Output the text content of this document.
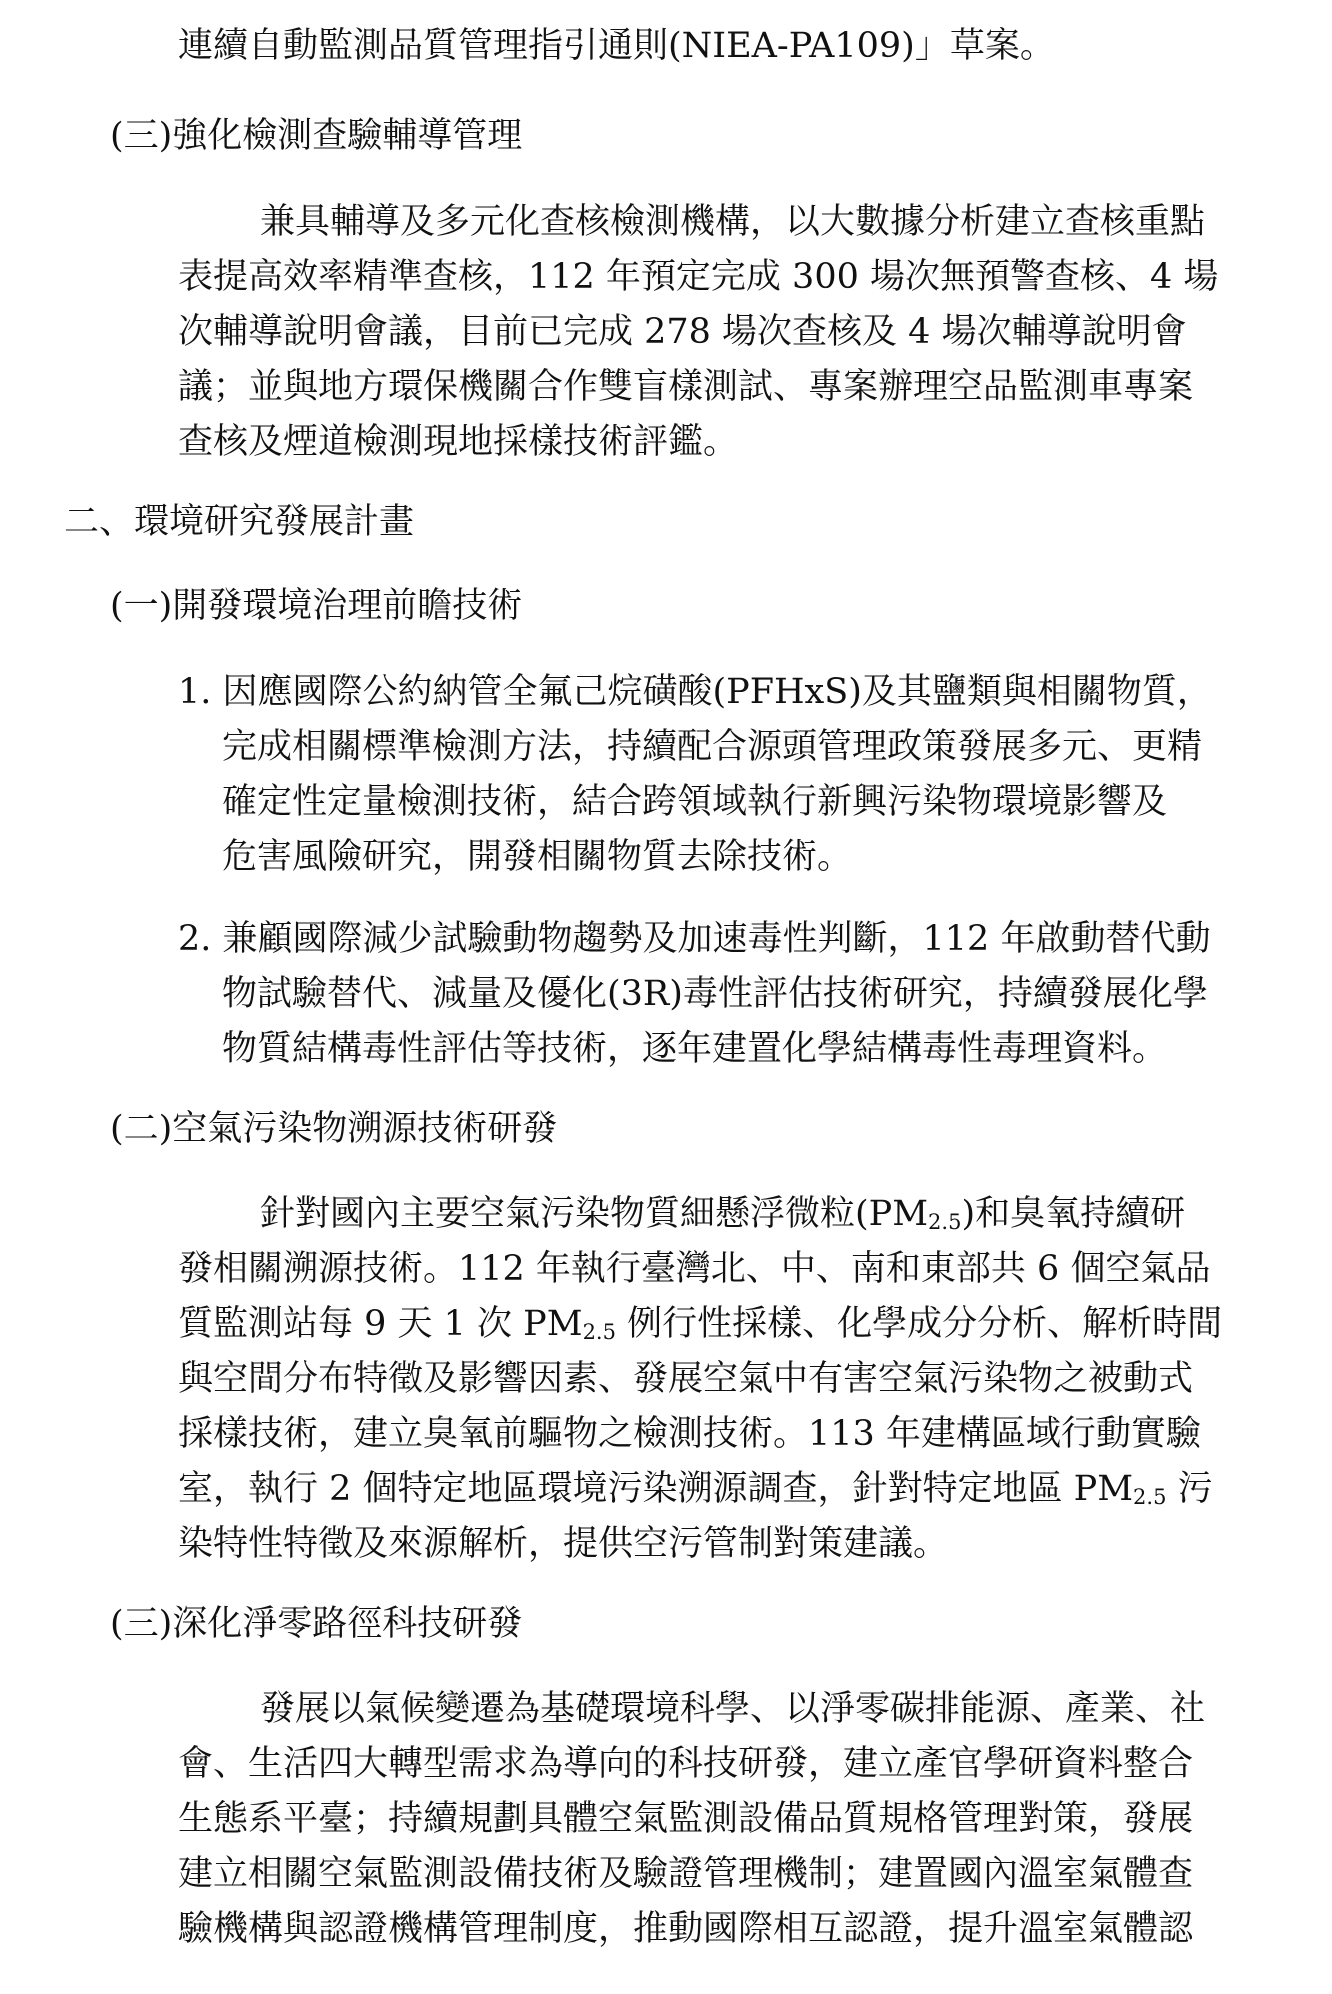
連續自動監測品質管理指引通則(NIEA-PA109)」草案。
(三)強化檢測查驗輔導管理
兼具輔導及多元化查核檢測機構，以大數據分析建立查核重點
表提高效率精準查核，112 年預定完成 300 場次無預警查核、4 場
次輔導說明會議，目前已完成 278 場次查核及 4 場次輔導說明會
議；並與地方環保機關合作雙盲樣測試、專案辦理空品監測車專案
查核及煙道檢測現地採樣技術評鑑。
二、環境研究發展計畫
(一)開發環境治理前瞻技術
1. 因應國際公約納管全氟己烷磺酸(PFHxS)及其鹽類與相關物質，
完成相關標準檢測方法，持續配合源頭管理政策發展多元、更精
確定性定量檢測技術，結合跨領域執行新興污染物環境影響及
危害風險研究，開發相關物質去除技術。
2. 兼顧國際減少試驗動物趨勢及加速毒性判斷，112 年啟動替代動
物試驗替代、減量及優化(3R)毒性評估技術研究，持續發展化學
物質結構毒性評估等技術，逐年建置化學結構毒性毒理資料。
(二)空氣污染物溯源技術研發
針對國內主要空氣污染物質細懸浮微粒$(PM_{2.5})$和臭氧持續研
發相關溯源技術。112 年執行臺灣北、中、南和東部共 6 個空氣品
質監測站每 9 天 1 次 $PM_{2.5}$ 例行性採樣、化學成分分析、解析時間
與空間分布特徵及影響因素、發展空氣中有害空氣污染物之被動式
採樣技術，建立臭氧前驅物之檢測技術。113 年建構區域行動實驗
室，執行 2 個特定地區環境污染溯源調查，針對特定地區 $PM_{2.5}$ 污
染特性特徵及來源解析，提供空污管制對策建議。
(三)深化淨零路徑科技研發
發展以氣候變遷為基礎環境科學、以淨零碳排能源、產業、社
會、生活四大轉型需求為導向的科技研發，建立產官學研資料整合
生態系平臺；持續規劃具體空氣監測設備品質規格管理對策，發展
建立相關空氣監測設備技術及驗證管理機制；建置國內溫室氣體查
驗機構與認證機構管理制度，推動國際相互認證，提升溫室氣體認
